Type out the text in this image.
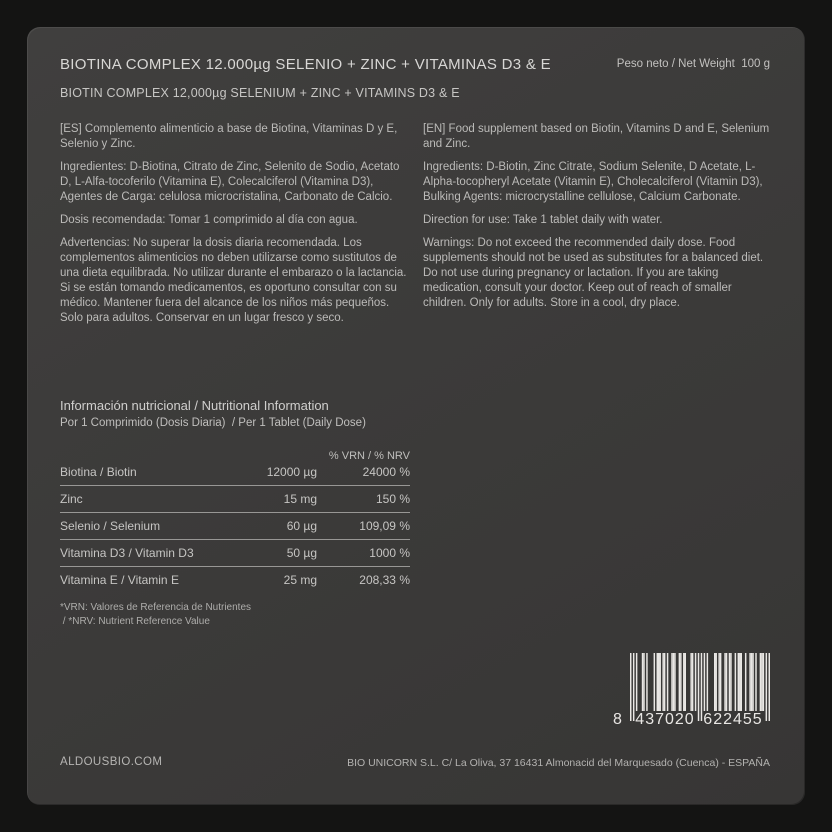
BIOTINA COMPLEX 12.000µg SELENIO + ZINC + VITAMINAS D3 & E
BIOTIN COMPLEX 12,000µg SELENIUM + ZINC + VITAMINS D3 & E
Peso neto / Net Weight  100 g

[ES] Complemento alimenticio a base de Biotina, Vitaminas D y E, Selenio y Zinc.

Ingredientes: D-Biotina, Citrato de Zinc, Selenito de Sodio, Acetato D, L-Alfa-tocoferilo (Vitamina E), Colecalciferol (Vitamina D3), Agentes de Carga: celulosa microcristalina, Carbonato de Calcio.

Dosis recomendada: Tomar 1 comprimido al día con agua.

Advertencias: No superar la dosis diaria recomendada. Los complementos alimenticios no deben utilizarse como sustitutos de una dieta equilibrada. No utilizar durante el embarazo o la lactancia. Si se están tomando medicamentos, es oportuno consultar con su médico. Mantener fuera del alcance de los niños más pequeños. Solo para adultos. Conservar en un lugar fresco y seco.

[EN] Food supplement based on Biotin, Vitamins D and E, Selenium and Zinc.

Ingredients: D-Biotin, Zinc Citrate, Sodium Selenite, D Acetate, L-Alpha-tocopheryl Acetate (Vitamin E), Cholecalciferol (Vitamin D3), Bulking Agents: microcrystalline cellulose, Calcium Carbonate.

Direction for use: Take 1 tablet daily with water.

Warnings: Do not exceed the recommended daily dose. Food supplements should not be used as substitutes for a balanced diet. Do not use during pregnancy or lactation. If you are taking medication, consult your doctor. Keep out of reach of smaller children. Only for adults. Store in a cool, dry place.

Información nutricional / Nutritional Information
Por 1 Comprimido (Dosis Diaria)  / Per 1 Tablet (Daily Dose)
% VRN / % NRV
Biotina / Biotin	12000 µg	24000 %
Zinc	15 mg	150 %
Selenio / Selenium	60 µg	109,09 %
Vitamina D3 / Vitamin D3	50 µg	1000 %
Vitamina E / Vitamin E	25 mg	208,33 %
*VRN: Valores de Referencia de Nutrientes
/ *NRV: Nutrient Reference Value
8 437020 622455
ALDOUSBIO.COM	BIO UNICORN S.L. C/ La Oliva, 37 16431 Almonacid del Marquesado (Cuenca) - ESPAÑA
